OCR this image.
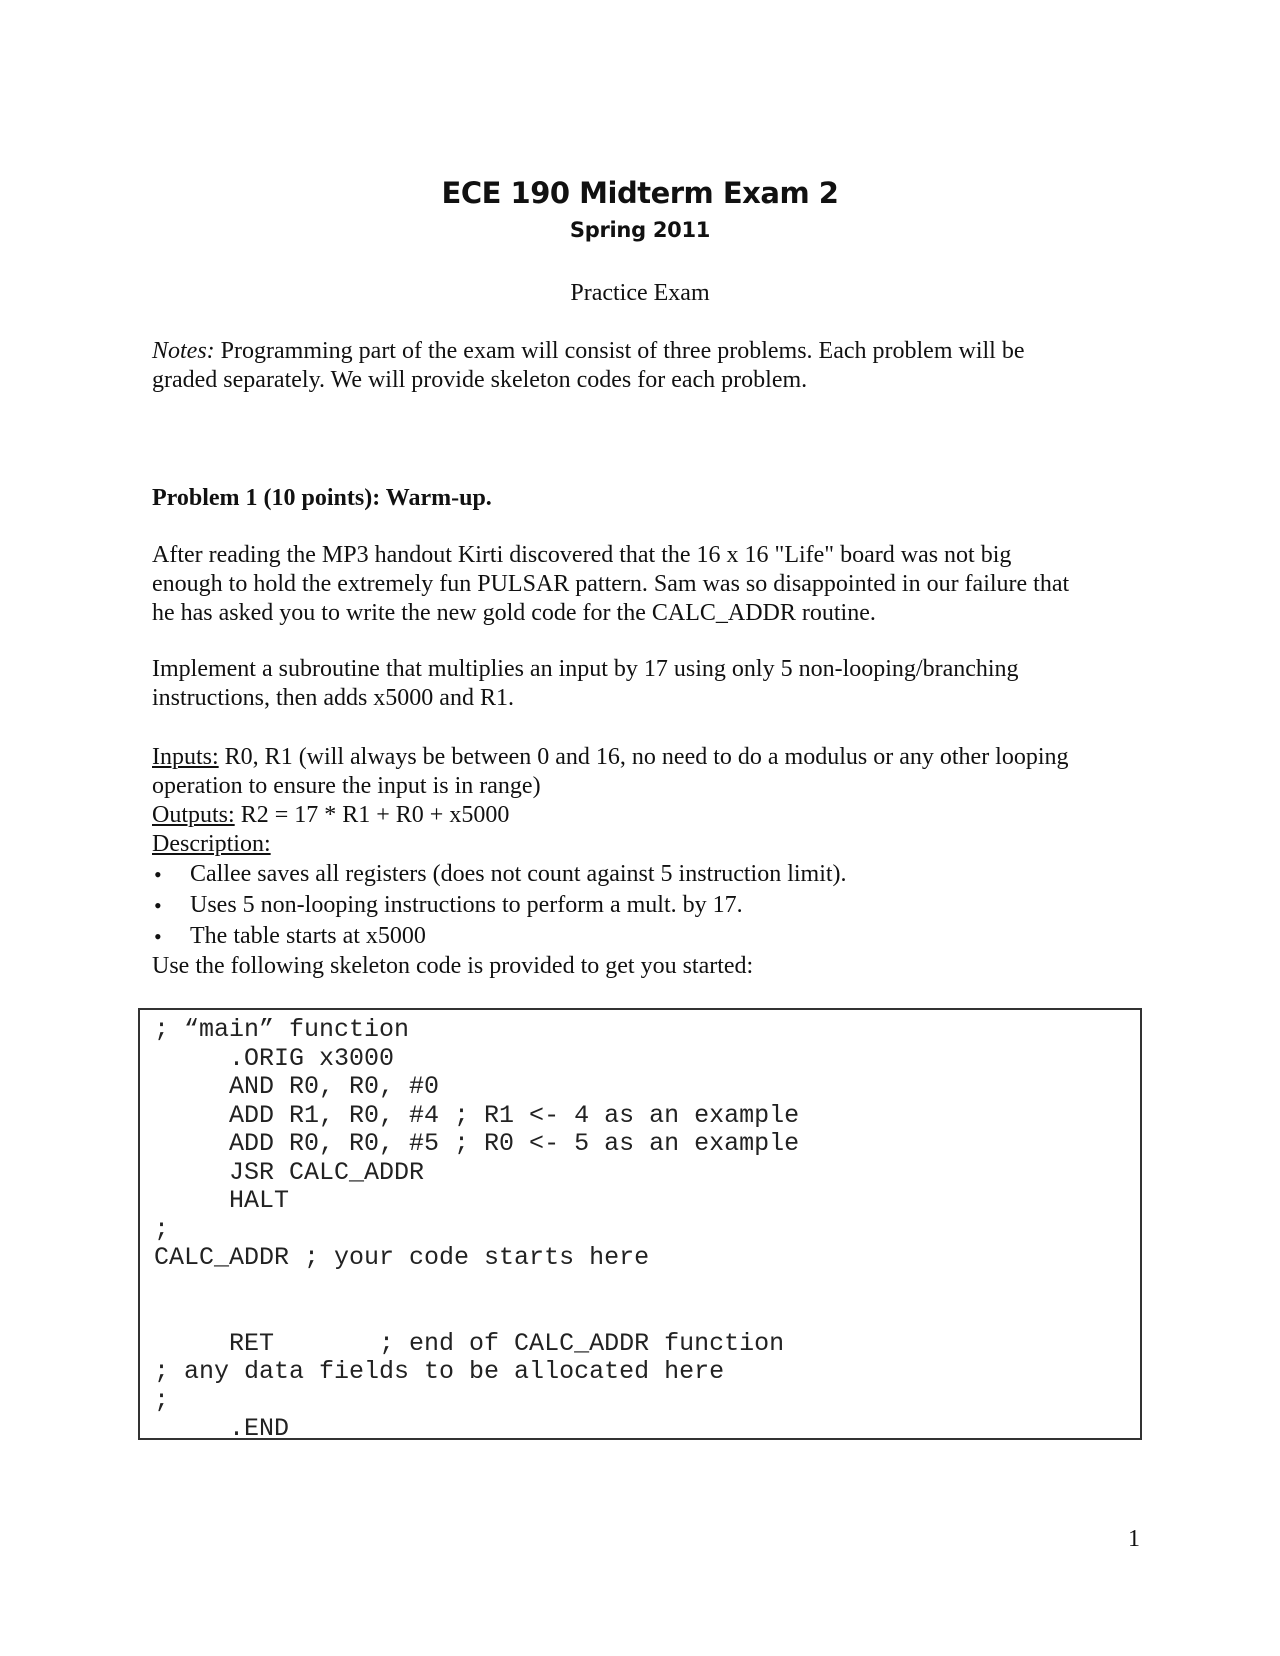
ECE 190 Midterm Exam 2
Spring 2011
Practice Exam
Notes: Programming part of the exam will consist of three problems. Each problem will be
graded separately. We will provide skeleton codes for each problem.
Problem 1 (10 points): Warm-up.
After reading the MP3 handout Kirti discovered that the 16 x 16 "Life" board was not big
enough to hold the extremely fun PULSAR pattern. Sam was so disappointed in our failure that
he has asked you to write the new gold code for the CALC_ADDR routine.
Implement a subroutine that multiplies an input by 17 using only 5 non-looping/branching
instructions, then adds x5000 and R1.
Inputs: R0, R1 (will always be between 0 and 16, no need to do a modulus or any other looping
operation to ensure the input is in range)
Outputs: R2 = 17 * R1 + R0 + x5000
Description:
• Callee saves all registers (does not count against 5 instruction limit).
• Uses 5 non-looping instructions to perform a mult. by 17.
• The table starts at x5000
Use the following skeleton code is provided to get you started:
; “main” function
.ORIG x3000
AND R0, R0, #0
ADD R1, R0, #4 ; R1 <- 4 as an example
ADD R0, R0, #5 ; R0 <- 5 as an example
JSR CALC_ADDR
HALT
;
CALC_ADDR ; your code starts here

RET       ; end of CALC_ADDR function
; any data fields to be allocated here
;
.END
1
